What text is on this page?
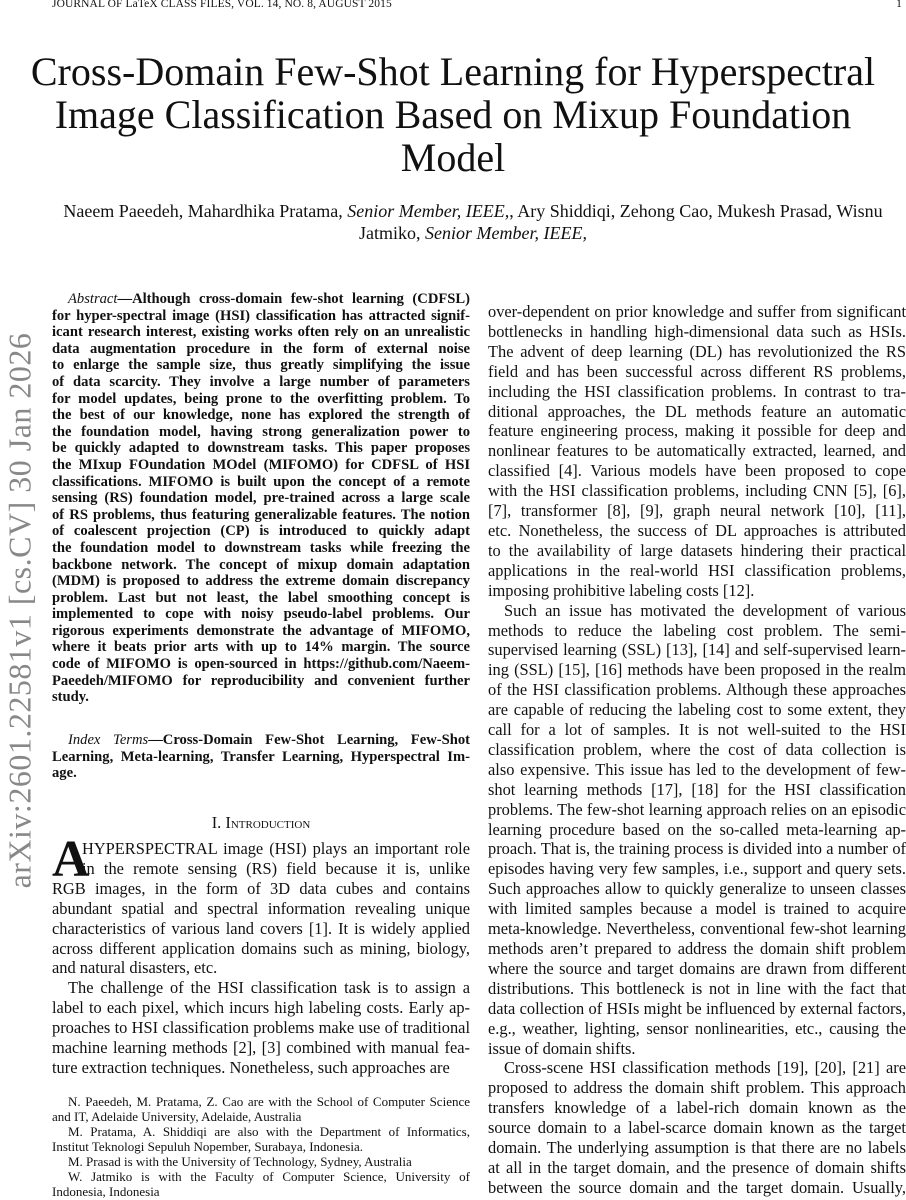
JOURNAL OF LaTeX CLASS FILES, VOL. 14, NO. 8, AUGUST 2015	1
arXiv:2601.22581v1 [cs.CV] 30 Jan 2026
Cross-Domain Few-Shot Learning for Hyperspectral
Image Classification Based on Mixup Foundation
Model
Naeem Paeedeh, Mahardhika Pratama, Senior Member, IEEE,, Ary Shiddiqi, Zehong Cao, Mukesh Prasad, Wisnu
Jatmiko, Senior Member, IEEE,
Abstract—Although cross-domain few-shot learning (CDFSL)
for hyper-spectral image (HSI) classification has attracted signif-
icant research interest, existing works often rely on an unrealistic
data augmentation procedure in the form of external noise
to enlarge the sample size, thus greatly simplifying the issue
of data scarcity. They involve a large number of parameters
for model updates, being prone to the overfitting problem. To
the best of our knowledge, none has explored the strength of
the foundation model, having strong generalization power to
be quickly adapted to downstream tasks. This paper proposes
the MIxup FOundation MOdel (MIFOMO) for CDFSL of HSI
classifications. MIFOMO is built upon the concept of a remote
sensing (RS) foundation model, pre-trained across a large scale
of RS problems, thus featuring generalizable features. The notion
of coalescent projection (CP) is introduced to quickly adapt
the foundation model to downstream tasks while freezing the
backbone network. The concept of mixup domain adaptation
(MDM) is proposed to address the extreme domain discrepancy
problem. Last but not least, the label smoothing concept is
implemented to cope with noisy pseudo-label problems. Our
rigorous experiments demonstrate the advantage of MIFOMO,
where it beats prior arts with up to 14% margin. The source
code of MIFOMO is open-sourced in https://github.com/Naeem-
Paeedeh/MIFOMO for reproducibility and convenient further
study.
Index Terms—Cross-Domain Few-Shot Learning, Few-Shot
Learning, Meta-learning, Transfer Learning, Hyperspectral Im-
age.
I. Introduction
A
HYPERSPECTRAL image (HSI) plays an important role
in the remote sensing (RS) field because it is, unlike
RGB images, in the form of 3D data cubes and contains
abundant spatial and spectral information revealing unique
characteristics of various land covers [1]. It is widely applied
across different application domains such as mining, biology,
and natural disasters, etc.
The challenge of the HSI classification task is to assign a
label to each pixel, which incurs high labeling costs. Early ap-
proaches to HSI classification problems make use of traditional
machine learning methods [2], [3] combined with manual fea-
ture extraction techniques. Nonetheless, such approaches are
N. Paeedeh, M. Pratama, Z. Cao are with the School of Computer Science
and IT, Adelaide University, Adelaide, Australia
M. Pratama, A. Shiddiqi are also with the Department of Informatics,
Institut Teknologi Sepuluh Nopember, Surabaya, Indonesia.
M. Prasad is with the University of Technology, Sydney, Australia
W. Jatmiko is with the Faculty of Computer Science, University of
Indonesia, Indonesia
over-dependent on prior knowledge and suffer from significant
bottlenecks in handling high-dimensional data such as HSIs.
The advent of deep learning (DL) has revolutionized the RS
field and has been successful across different RS problems,
including the HSI classification problems. In contrast to tra-
ditional approaches, the DL methods feature an automatic
feature engineering process, making it possible for deep and
nonlinear features to be automatically extracted, learned, and
classified [4]. Various models have been proposed to cope
with the HSI classification problems, including CNN [5], [6],
[7], transformer [8], [9], graph neural network [10], [11],
etc. Nonetheless, the success of DL approaches is attributed
to the availability of large datasets hindering their practical
applications in the real-world HSI classification problems,
imposing prohibitive labeling costs [12].
Such an issue has motivated the development of various
methods to reduce the labeling cost problem. The semi-
supervised learning (SSL) [13], [14] and self-supervised learn-
ing (SSL) [15], [16] methods have been proposed in the realm
of the HSI classification problems. Although these approaches
are capable of reducing the labeling cost to some extent, they
call for a lot of samples. It is not well-suited to the HSI
classification problem, where the cost of data collection is
also expensive. This issue has led to the development of few-
shot learning methods [17], [18] for the HSI classification
problems. The few-shot learning approach relies on an episodic
learning procedure based on the so-called meta-learning ap-
proach. That is, the training process is divided into a number of
episodes having very few samples, i.e., support and query sets.
Such approaches allow to quickly generalize to unseen classes
with limited samples because a model is trained to acquire
meta-knowledge. Nevertheless, conventional few-shot learning
methods aren’t prepared to address the domain shift problem
where the source and target domains are drawn from different
distributions. This bottleneck is not in line with the fact that
data collection of HSIs might be influenced by external factors,
e.g., weather, lighting, sensor nonlinearities, etc., causing the
issue of domain shifts.
Cross-scene HSI classification methods [19], [20], [21] are
proposed to address the domain shift problem. This approach
transfers knowledge of a label-rich domain known as the
source domain to a label-scarce domain known as the target
domain. The underlying assumption is that there are no labels
at all in the target domain, and the presence of domain shifts
between the source domain and the target domain. Usually,
